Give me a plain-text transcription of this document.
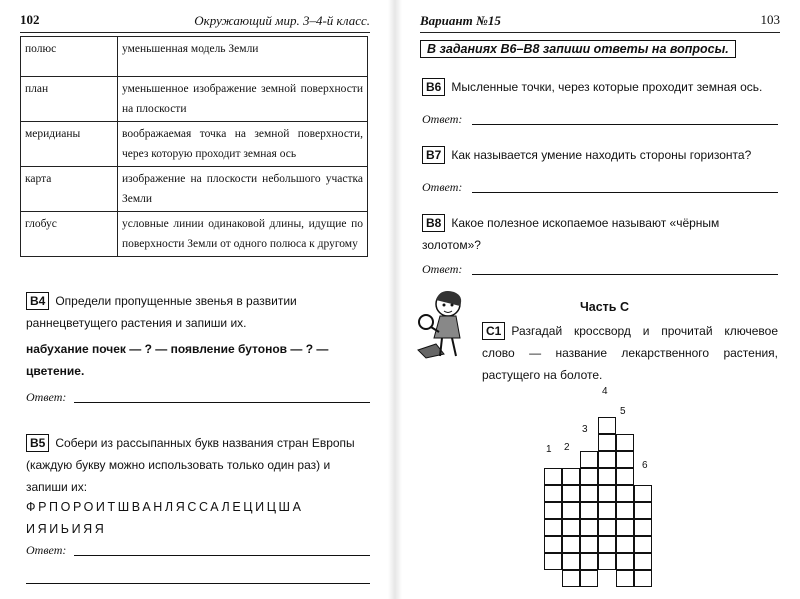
102	Окружающий мир. 3–4-й класс.
полюс	уменьшенная модель Земли
план	уменьшенное изображение земной поверхности на плоскости
меридианы	воображаемая точка на земной поверхности, через которую проходит земная ось
карта	изображение на плоскости небольшого участка Земли
глобус	условные линии одинаковой длины, идущие по поверхности Земли от одного полюса к другому
B4 Определи пропущенные звенья в развитии раннецветущего растения и запиши их.
набухание почек — ? — появление бутонов — ? — цветение.
Ответ:
B5 Собери из рассыпанных букв названия стран Европы (каждую букву можно использовать только один раз) и запиши их:
ФРПОРОИТШВАНЛЯССАЛЕЦИЦША
ИЯИЬИЯЯ
Ответ:
Вариант №15	103
В заданиях В6–В8 запиши ответы на вопросы.
B6 Мысленные точки, через которые проходит земная ось.
Ответ:
B7 Как называется умение находить стороны горизонта?
Ответ:
B8 Какое полезное ископаемое называют «чёрным золотом»?
Ответ:
Часть С
C1 Разгадай кроссворд и прочитай ключевое слово — название лекарственного растения, растущего на болоте.
1 2
3
4
5
6
